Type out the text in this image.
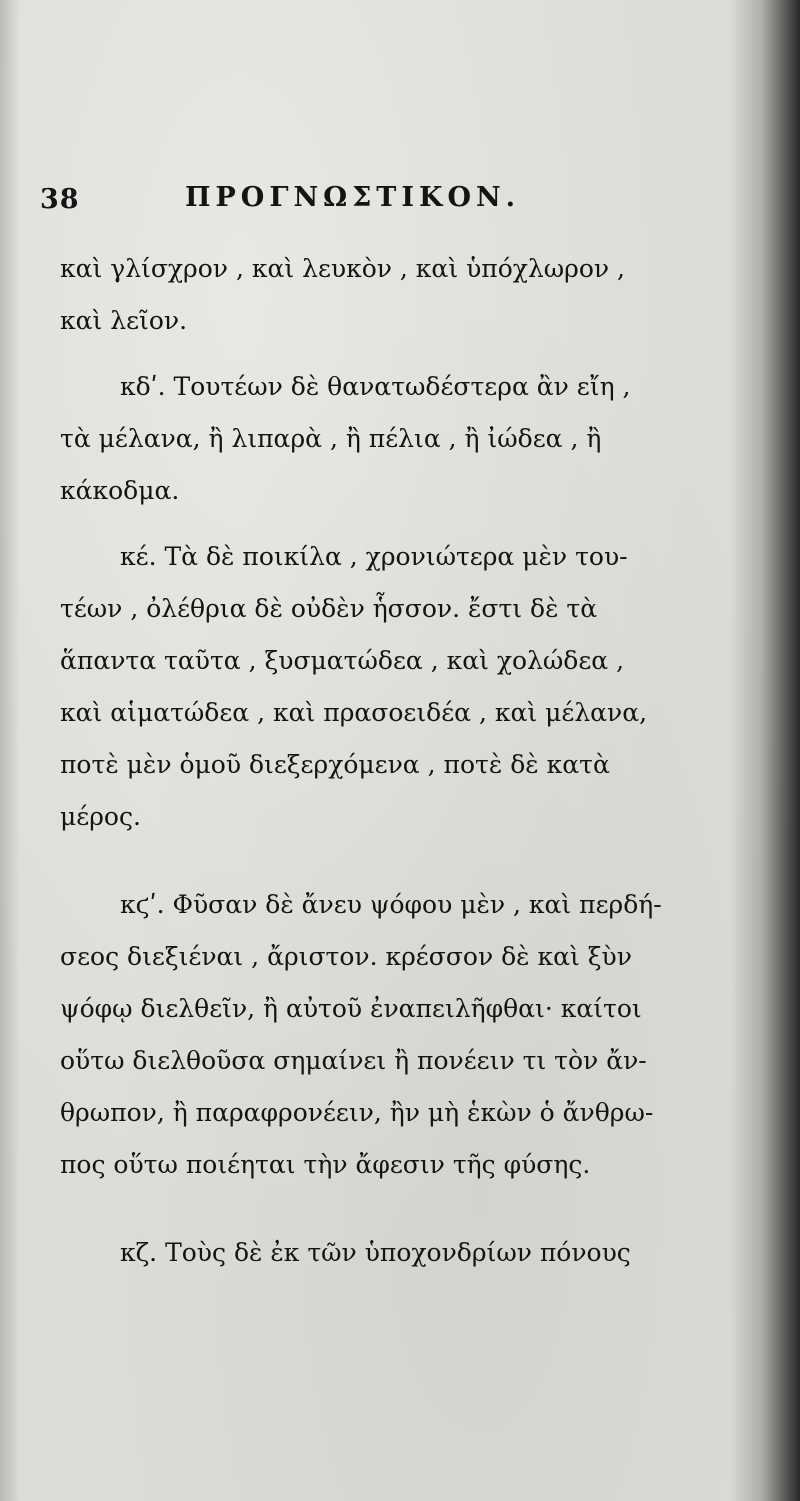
38	ΠΡΟΓΝΩΣΤΙΚΟΝ.
καὶ γλίσχρον , καὶ λευκὸν , καὶ ὑπόχλωρον ,
καὶ λεῖον.
κδʹ. Τουτέων δὲ θανατωδέστερα ἂν εἴη ,
τὰ μέλανα, ἢ λιπαρὰ , ἢ πέλια , ἢ ἰώδεα , ἢ
κάκοδμα.
κέ. Τὰ δὲ ποικίλα , χρονιώτερα μὲν του-
τέων , ὀλέθρια δὲ οὐδὲν ἧσσον. ἔστι δὲ τὰ
ἅπαντα ταῦτα , ξυσματώδεα , καὶ χολώδεα ,
καὶ αἱματώδεα , καὶ πρασοειδέα , καὶ μέλανα,
ποτὲ μὲν ὁμοῦ διεξερχόμενα , ποτὲ δὲ κατὰ
μέρος.
κϛʹ. Φῦσαν δὲ ἄνευ ψόφου μὲν , καὶ περδή-
σεος διεξιέναι , ἄριστον. κρέσσον δὲ καὶ ξὺν
ψόφῳ διελθεῖν, ἢ αὐτοῦ ἐναπειλῆφθαι· καίτοι
οὕτω διελθοῦσα σημαίνει ἢ πονέειν τι τὸν ἄν-
θρωπον, ἢ παραφρονέειν, ἢν μὴ ἑκὼν ὁ ἄνθρω-
πος οὕτω ποιέηται τὴν ἄφεσιν τῆς φύσης.
κζ. Τοὺς δὲ ἐκ τῶν ὑποχονδρίων πόνους
